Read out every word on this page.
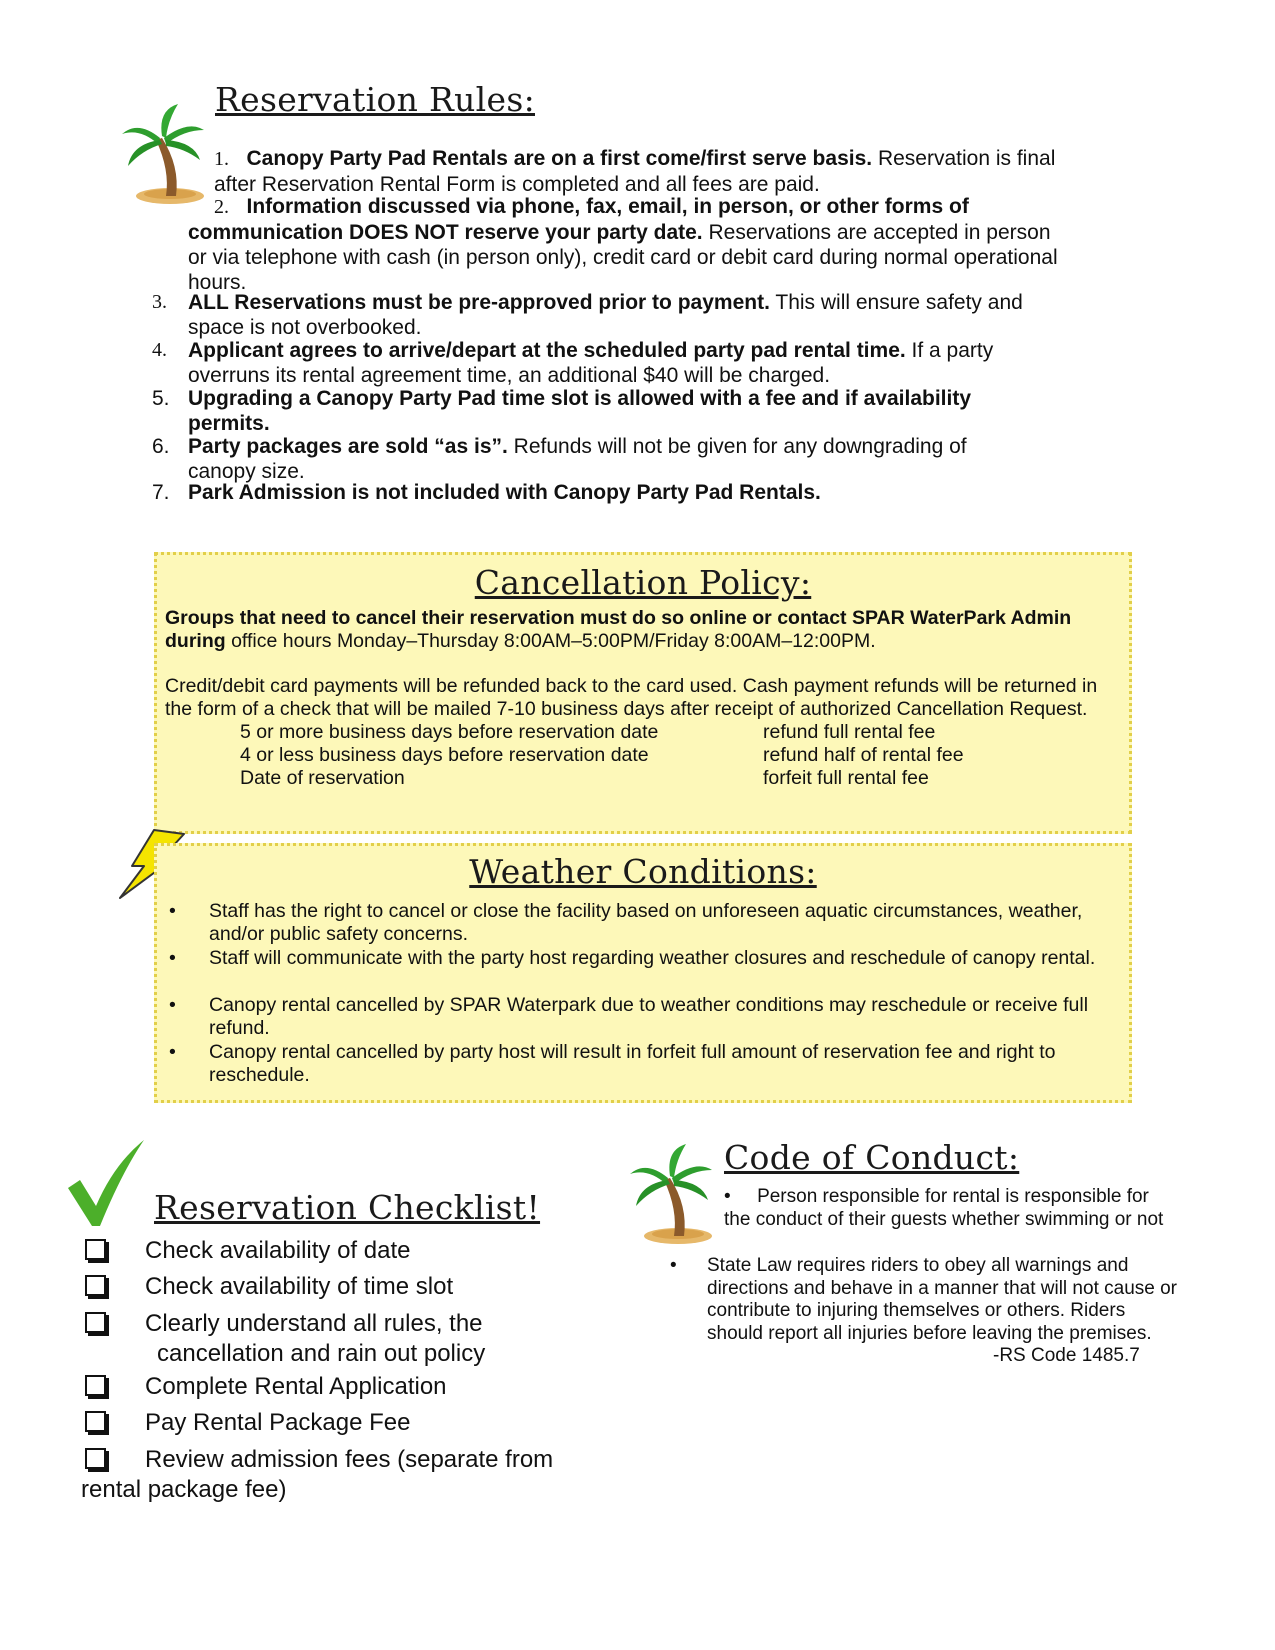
Reservation Rules:
1. Canopy Party Pad Rentals are on a first come/first serve basis. Reservation is final after Reservation Rental Form is completed and all fees are paid.
2. Information discussed via phone, fax, email, in person, or other forms of communication DOES NOT reserve your party date. Reservations are accepted in person or via telephone with cash (in person only), credit card or debit card during normal operational hours.
3. ALL Reservations must be pre-approved prior to payment. This will ensure safety and space is not overbooked.
4. Applicant agrees to arrive/depart at the scheduled party pad rental time. If a party overruns its rental agreement time, an additional $40 will be charged.
5. Upgrading a Canopy Party Pad time slot is allowed with a fee and if availability permits.
6. Party packages are sold “as is”. Refunds will not be given for any downgrading of canopy size.
7. Park Admission is not included with Canopy Party Pad Rentals.
Cancellation Policy:
Groups that need to cancel their reservation must do so online or contact SPAR WaterPark Admin during office hours Monday–Thursday 8:00AM–5:00PM/Friday 8:00AM–12:00PM.
Credit/debit card payments will be refunded back to the card used. Cash payment refunds will be returned in the form of a check that will be mailed 7-10 business days after receipt of authorized Cancellation Request.
5 or more business days before reservation date	refund full rental fee
4 or less business days before reservation date	refund half of rental fee
Date of reservation	forfeit full rental fee
Weather Conditions:
• Staff has the right to cancel or close the facility based on unforeseen aquatic circumstances, weather, and/or public safety concerns.
• Staff will communicate with the party host regarding weather closures and reschedule of canopy rental.
• Canopy rental cancelled by SPAR Waterpark due to weather conditions may reschedule or receive full refund.
• Canopy rental cancelled by party host will result in forfeit full amount of reservation fee and right to reschedule.
Reservation Checklist!
Check availability of date
Check availability of time slot
Clearly understand all rules, the
cancellation and rain out policy
Complete Rental Application
Pay Rental Package Fee
Review admission fees (separate from
rental package fee)
Code of Conduct:
• Person responsible for rental is responsible for the conduct of their guests whether swimming or not
• State Law requires riders to obey all warnings and directions and behave in a manner that will not cause or contribute to injuring themselves or others. Riders should report all injuries before leaving the premises.
-RS Code 1485.7
